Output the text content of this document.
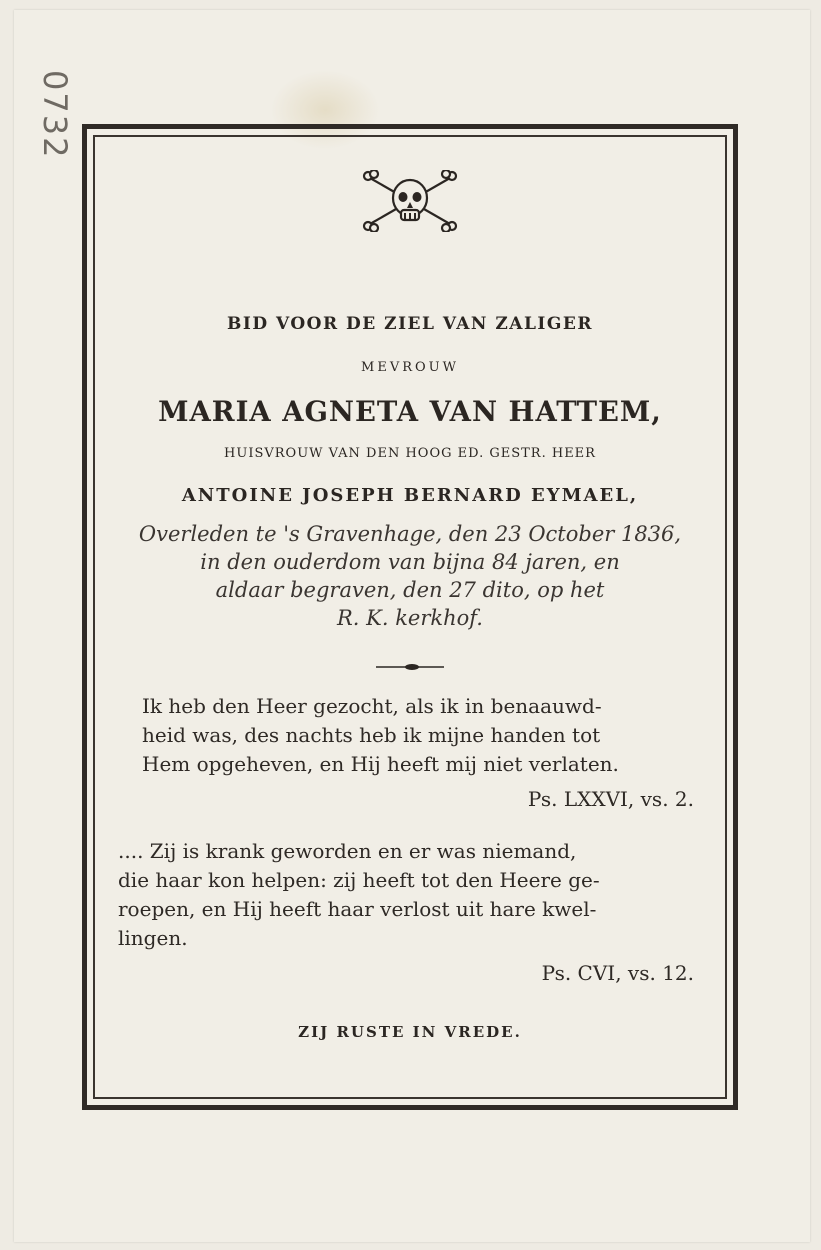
BID VOOR DE ZIEL VAN ZALIGER
MEVROUW
MARIA AGNETA VAN HATTEM,
HUISVROUW VAN DEN HOOG ED. GESTR. HEER
ANTOINE JOSEPH BERNARD EYMAEL,
Overleden te 's Gravenhage, den 23 October 1836,
in den ouderdom van bijna 84 jaren, en
aldaar begraven, den 27 dito, op het
R. K. kerkhof.
Ik heb den Heer gezocht, als ik in benaauwd-
heid was, des nachts heb ik mijne handen tot
Hem opgeheven, en Hij heeft mij niet verlaten.
Ps. LXXVI, vs. 2.
.... Zij is krank geworden en er was niemand,
die haar kon helpen: zij heeft tot den Heere ge-
roepen, en Hij heeft haar verlost uit hare kwel-
lingen.
Ps. CVI, vs. 12.
ZIJ RUSTE IN VREDE.
